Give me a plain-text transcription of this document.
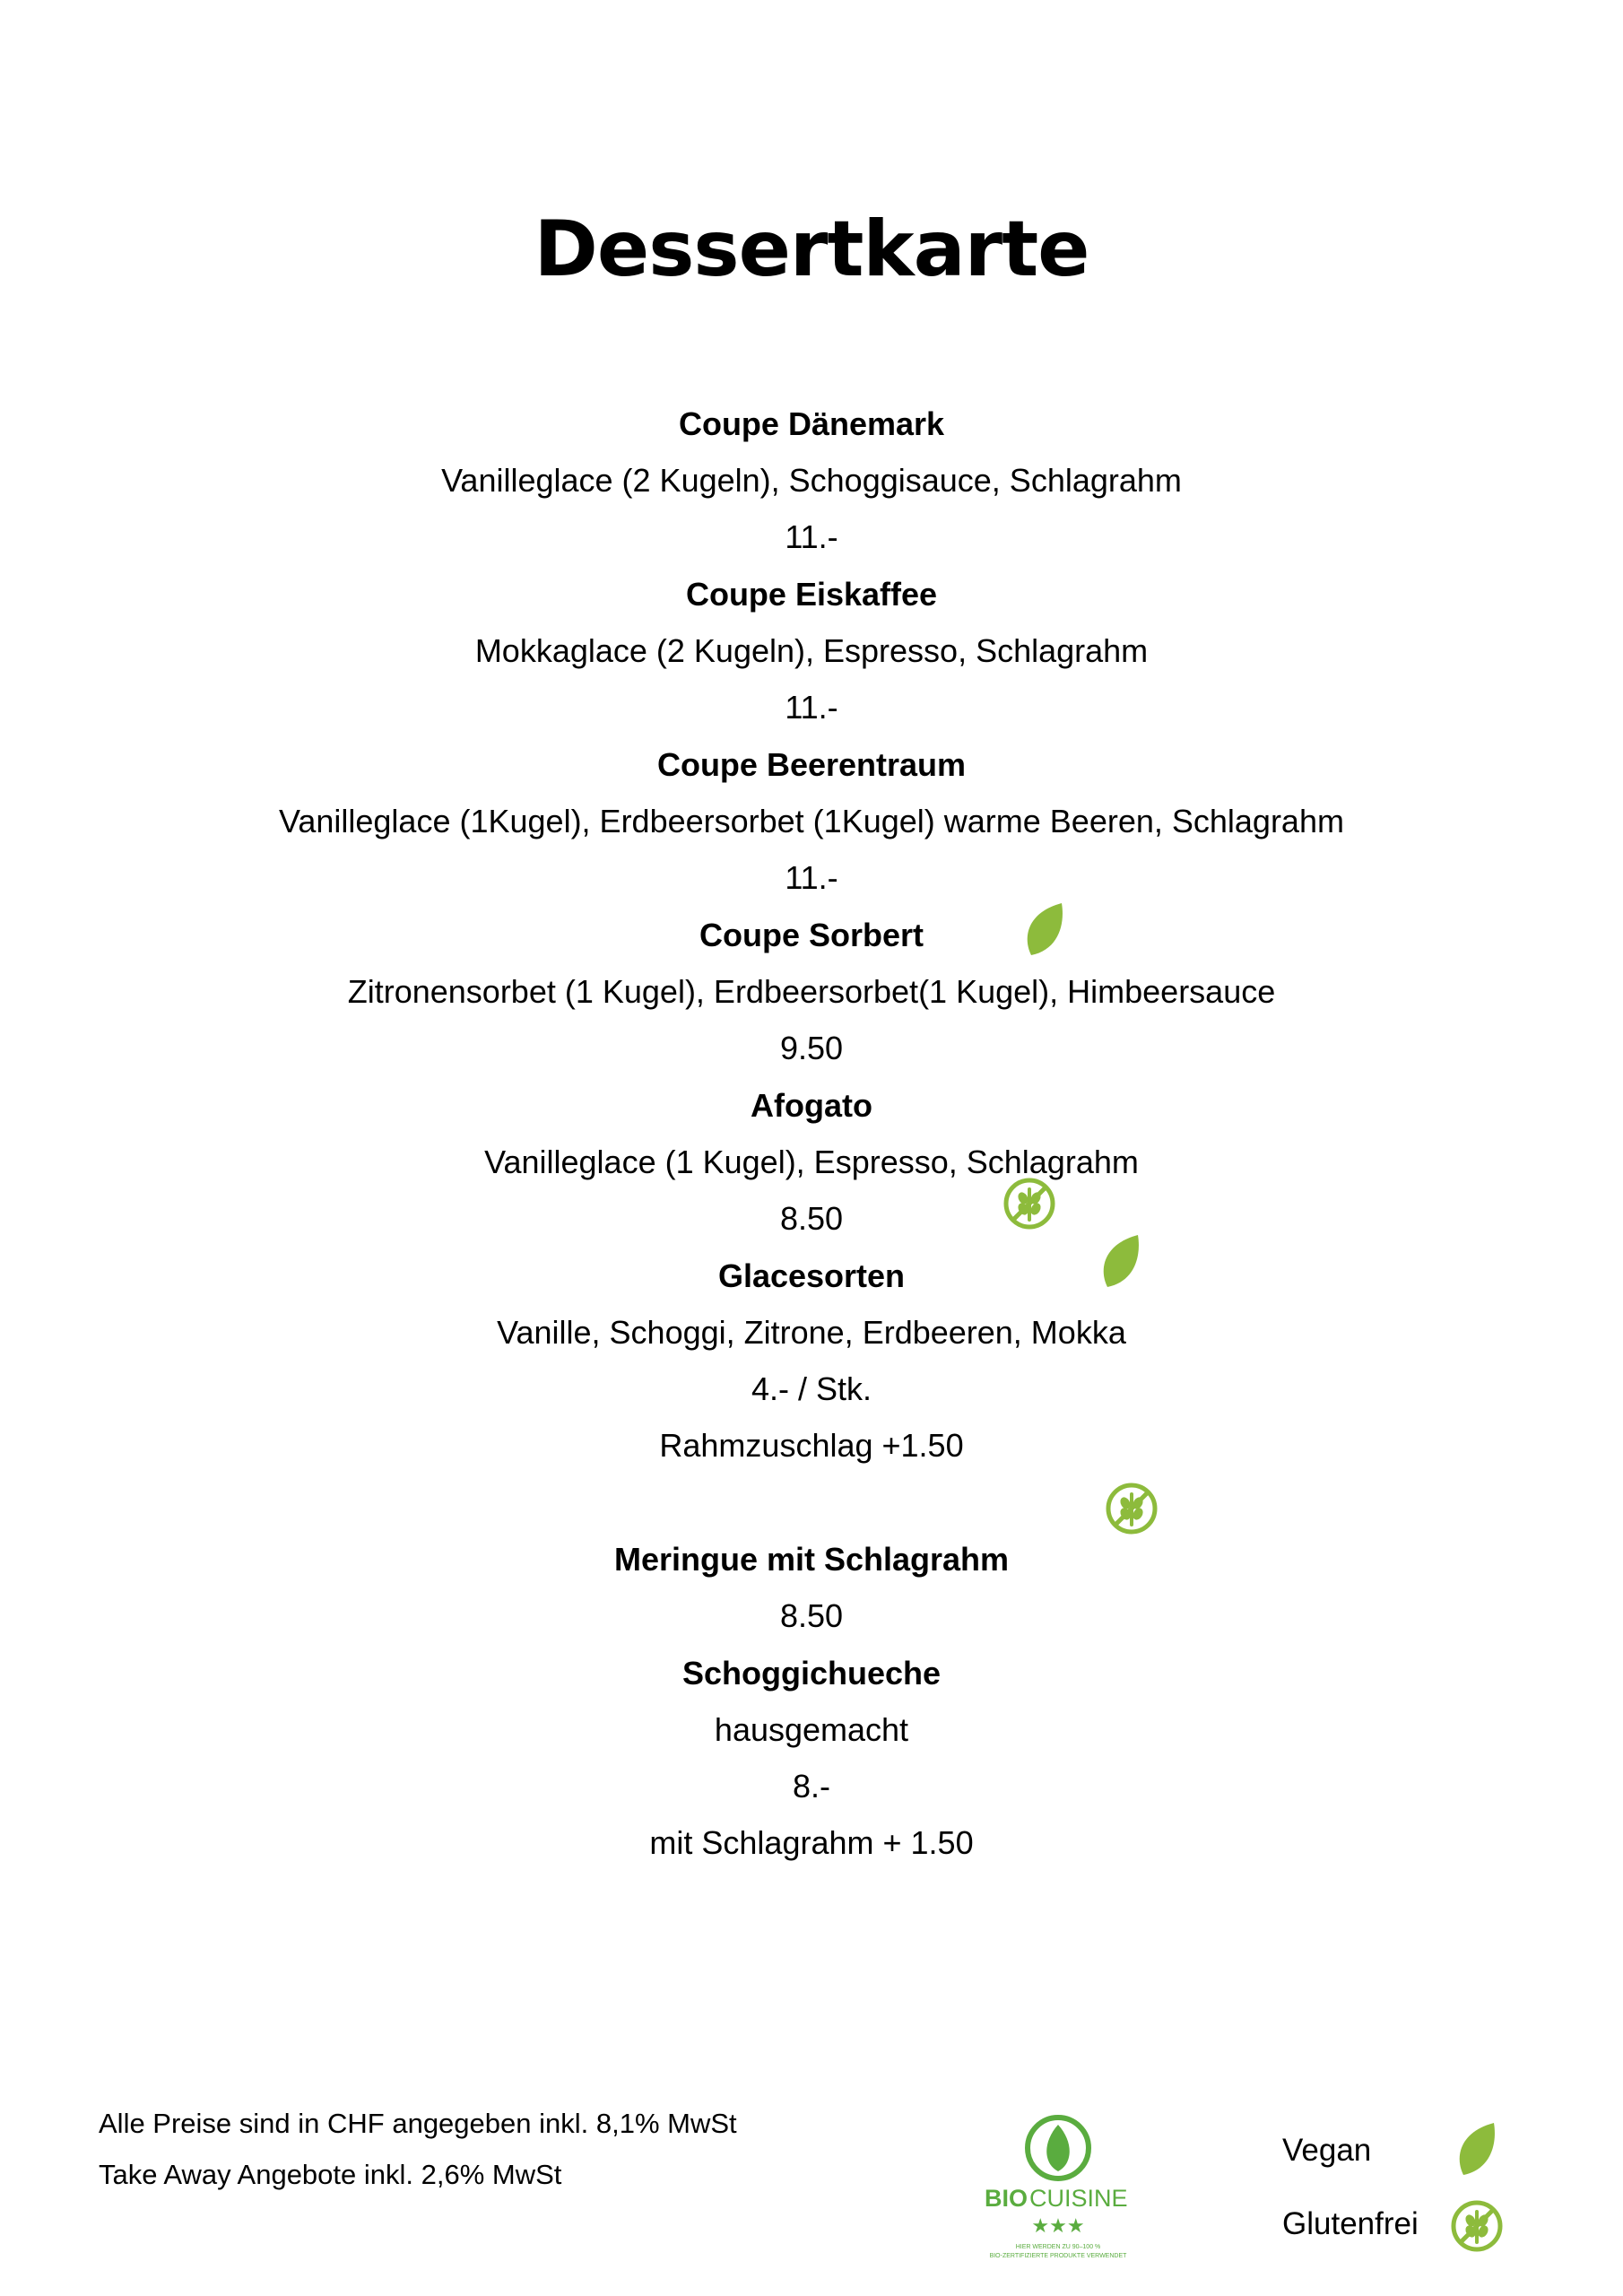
Dessertkarte
Coupe Dänemark
Vanilleglace (2 Kugeln), Schoggisauce, Schlagrahm
11.-
Coupe Eiskaffee
Mokkaglace (2 Kugeln), Espresso, Schlagrahm
11.-
Coupe Beerentraum
Vanilleglace (1Kugel), Erdbeersorbet (1Kugel) warme Beeren, Schlagrahm
11.-
Coupe Sorbert
Zitronensorbet (1 Kugel), Erdbeersorbet(1 Kugel), Himbeersauce
9.50
Afogato
Vanilleglace (1 Kugel), Espresso, Schlagrahm
8.50
Glacesorten
Vanille, Schoggi, Zitrone, Erdbeeren, Mokka
4.- / Stk.
Rahmzuschlag +1.50
Meringue mit Schlagrahm
8.50
Schoggichueche
hausgemacht
8.-
mit Schlagrahm + 1.50
Alle Preise sind in CHF angegeben inkl. 8,1% MwSt
Take Away Angebote inkl. 2,6% MwSt
BIO CUISINE
★★★
HIER WERDEN ZU 90–100 %
BIO-ZERTIFIZIERTE PRODUKTE VERWENDET
Vegan
Glutenfrei
